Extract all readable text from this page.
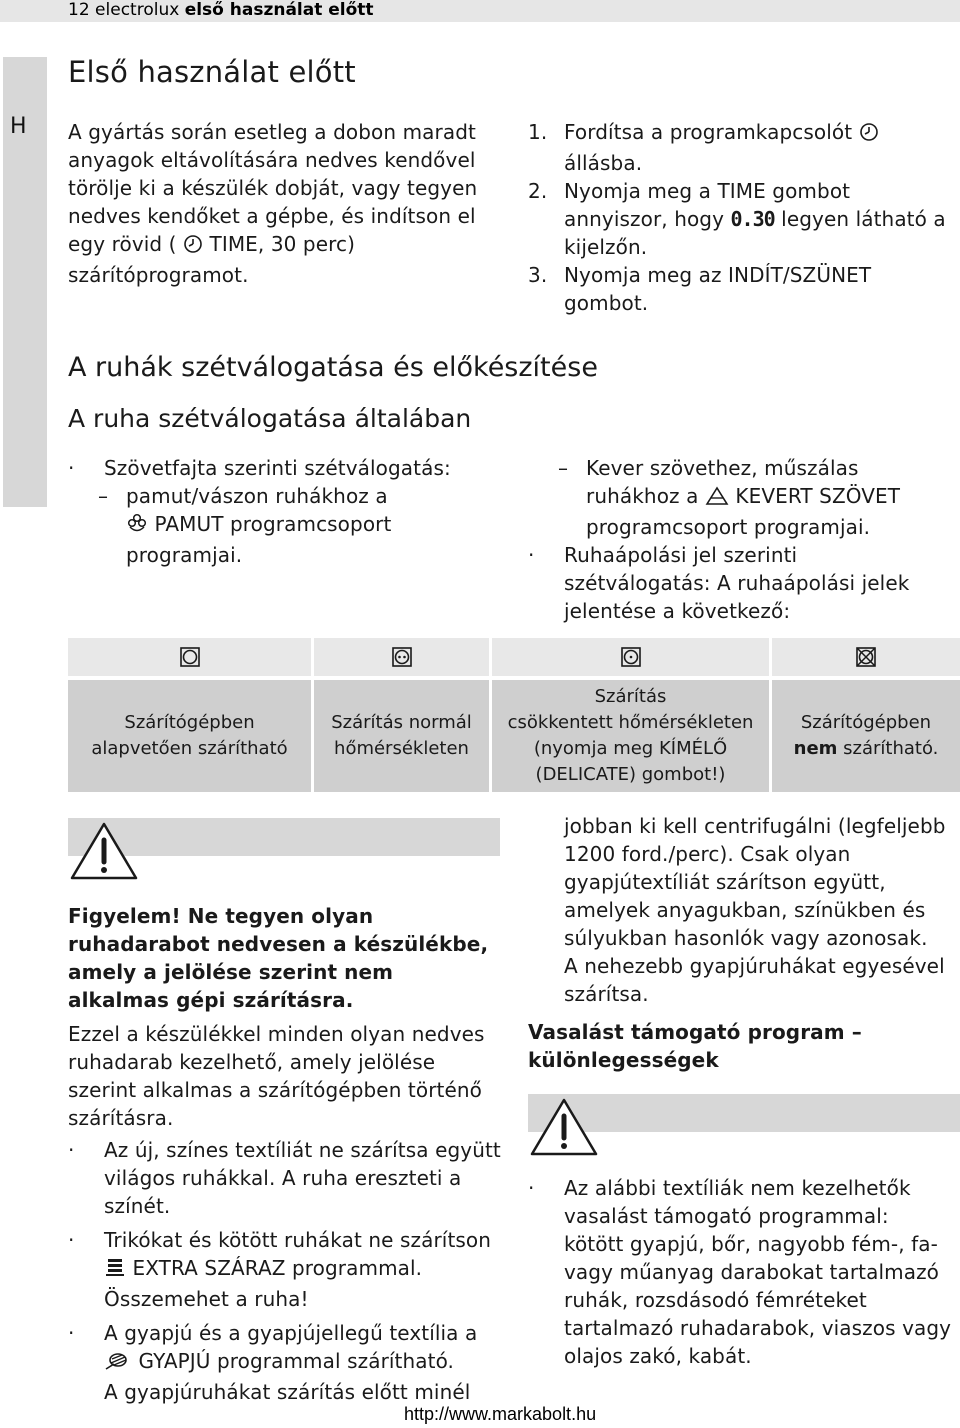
12 electrolux első használat előtt
H
Első használat előtt
A gyártás során esetleg a dobon maradt
anyagok eltávolítására nedves kendővel
törölje ki a készülék dobját, vagy tegyen
nedves kendőket a gépbe, és indítson el
egy rövid ( TIME, 30 perc)
szárítóprogramot.
1. Fordítsa a programkapcsolót
állásba.
2. Nyomja meg a TIME gombot
annyiszor, hogy 0.30 legyen látható a
kijelzőn.
3. Nyomja meg az INDÍT/SZÜNET
gombot.
A ruhák szétválogatása és előkészítése
A ruha szétválogatása általában
· Szövetfajta szerinti szétválogatás:
– pamut/vászon ruhákhoz a
PAMUT programcsoport
programjai.
– Kever szövethez, műszálas
ruhákhoz a KEVERT SZÖVET
programcsoport programjai.
· Ruhaápolási jel szerinti
szétválogatás: A ruhaápolási jelek
jelentése a következő:
Szárítógépben
alapvetően szárítható
Szárítás normál
hőmérsékleten
Szárítás
csökkentett hőmérsékleten
(nyomja meg KÍMÉLŐ
(DELICATE) gombot!)
Szárítógépben
nem szárítható.
Figyelem! Ne tegyen olyan
ruhadarabot nedvesen a készülékbe,
amely a jelölése szerint nem
alkalmas gépi szárításra.
Ezzel a készülékkel minden olyan nedves
ruhadarab kezelhető, amely jelölése
szerint alkalmas a szárítógépben történő
szárításra.
· Az új, színes textíliát ne szárítsa együtt
világos ruhákkal. A ruha ereszteti a
színét.
· Trikókat és kötött ruhákat ne szárítson
EXTRA SZÁRAZ programmal.
Összemehet a ruha!
· A gyapjú és a gyapjújellegű textília a
GYAPJÚ programmal szárítható.
A gyapjúruhákat szárítás előtt minél
jobban ki kell centrifugálni (legfeljebb
1200 ford./perc). Csak olyan
gyapjútextíliát szárítson együtt,
amelyek anyagukban, színükben és
súlyukban hasonlók vagy azonosak.
A nehezebb gyapjúruhákat egyesével
szárítsa.
Vasalást támogató program –
különlegességek
· Az alábbi textíliák nem kezelhetők
vasalást támogató programmal:
kötött gyapjú, bőr, nagyobb fém-, fa-
vagy műanyag darabokat tartalmazó
ruhák, rozsdásodó fémréteket
tartalmazó ruhadarabok, viaszos vagy
olajos zakó, kabát.
http://www.markabolt.hu
